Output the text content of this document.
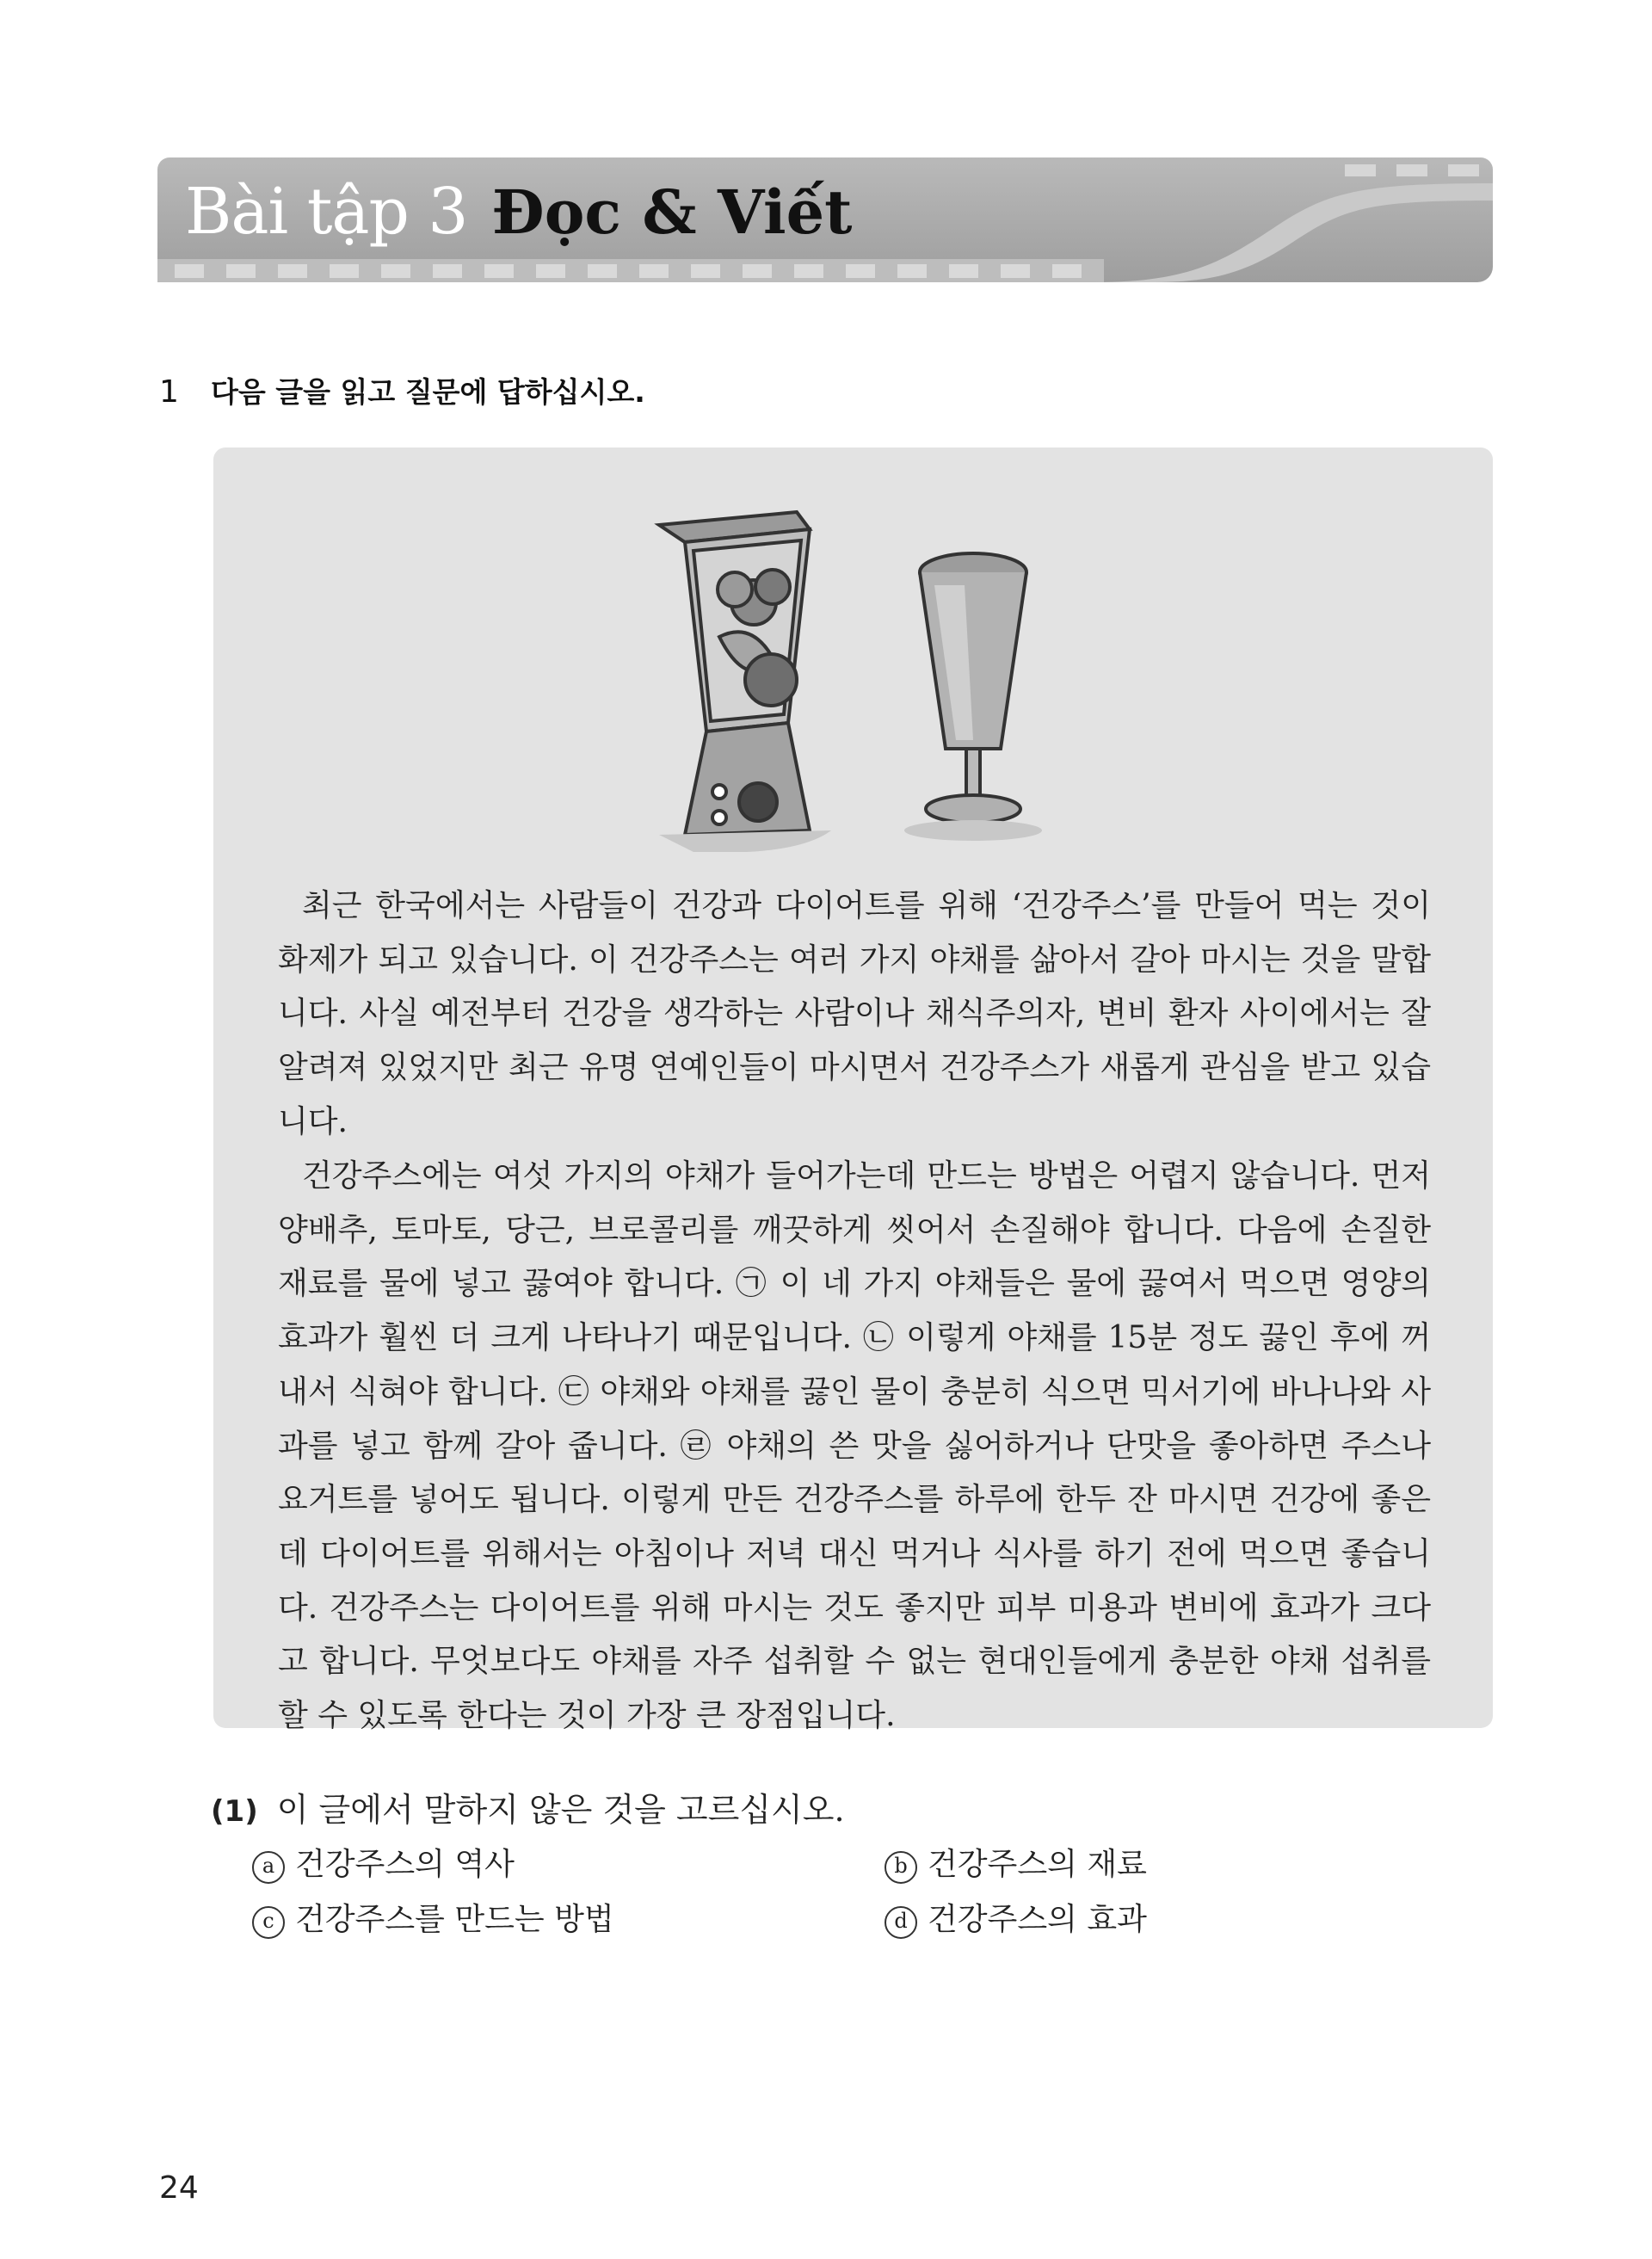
Bài tập 3 Đọc & Viết
1 다음 글을 읽고 질문에 답하십시오.

최근 한국에서는 사람들이 건강과 다이어트를 위해 ‘건강주스’를 만들어 먹는 것이 화제가 되고 있습니다. 이 건강주스는 여러 가지 야채를 삶아서 갈아 마시는 것을 말합니다. 사실 예전부터 건강을 생각하는 사람이나 채식주의자, 변비 환자 사이에서는 잘 알려져 있었지만 최근 유명 연예인들이 마시면서 건강주스가 새롭게 관심을 받고 있습니다.

건강주스에는 여섯 가지의 야채가 들어가는데 만드는 방법은 어렵지 않습니다. 먼저 양배추, 토마토, 당근, 브로콜리를 깨끗하게 씻어서 손질해야 합니다. 다음에 손질한 재료를 물에 넣고 끓여야 합니다. ㉠ 이 네 가지 야채들은 물에 끓여서 먹으면 영양의 효과가 훨씬 더 크게 나타나기 때문입니다. ㉡ 이렇게 야채를 15분 정도 끓인 후에 꺼내서 식혀야 합니다. ㉢ 야채와 야채를 끓인 물이 충분히 식으면 믹서기에 바나나와 사과를 넣고 함께 갈아 줍니다. ㉣ 야채의 쓴 맛을 싫어하거나 단맛을 좋아하면 주스나 요거트를 넣어도 됩니다. 이렇게 만든 건강주스를 하루에 한두 잔 마시면 건강에 좋은데 다이어트를 위해서는 아침이나 저녁 대신 먹거나 식사를 하기 전에 먹으면 좋습니다. 건강주스는 다이어트를 위해 마시는 것도 좋지만 피부 미용과 변비에 효과가 크다고 합니다. 무엇보다도 야채를 자주 섭취할 수 없는 현대인들에게 충분한 야채 섭취를 할 수 있도록 한다는 것이 가장 큰 장점입니다.

(1) 이 글에서 말하지 않은 것을 고르십시오.
a 건강주스의 역사	b 건강주스의 재료
c 건강주스를 만드는 방법	d 건강주스의 효과
24
